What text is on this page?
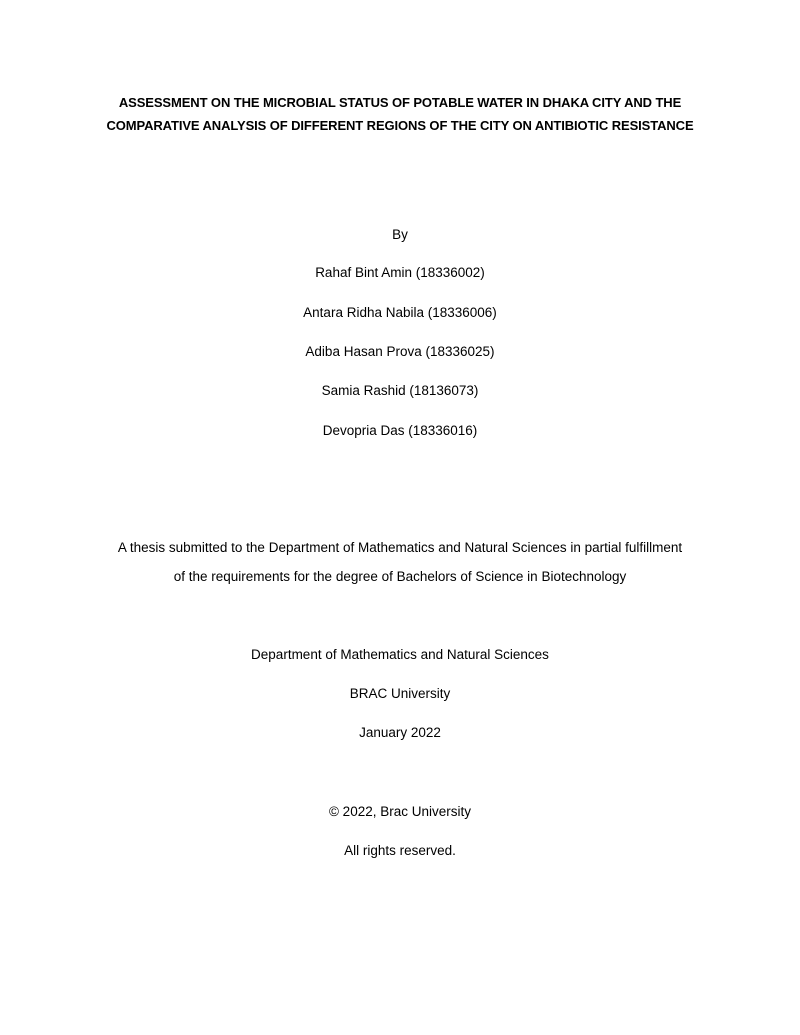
ASSESSMENT ON THE MICROBIAL STATUS OF POTABLE WATER IN DHAKA CITY AND THE
COMPARATIVE ANALYSIS OF DIFFERENT REGIONS OF THE CITY ON ANTIBIOTIC RESISTANCE
By
Rahaf Bint Amin (18336002)
Antara Ridha Nabila (18336006)
Adiba Hasan Prova (18336025)
Samia Rashid (18136073)
Devopria Das (18336016)
A thesis submitted to the Department of Mathematics and Natural Sciences in partial fulfillment
of the requirements for the degree of Bachelors of Science in Biotechnology
Department of Mathematics and Natural Sciences
BRAC University
January 2022
© 2022, Brac University
All rights reserved.
